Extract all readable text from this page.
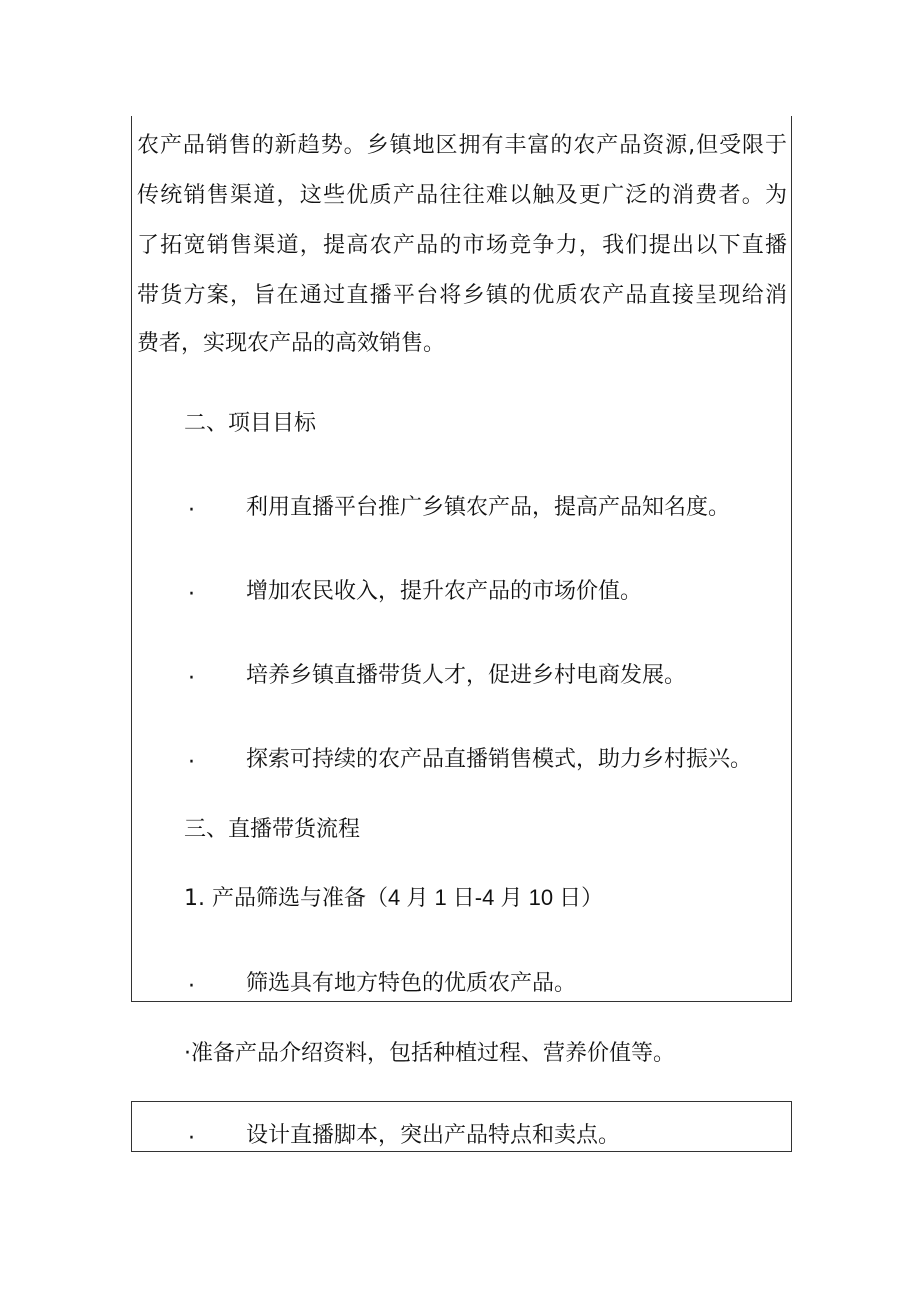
农产品销售的新趋势。乡镇地区拥有丰富的农产品资源,但受限于
传统销售渠道，这些优质产品往往难以触及更广泛的消费者。为
了拓宽销售渠道，提高农产品的市场竞争力，我们提出以下直播
带货方案，旨在通过直播平台将乡镇的优质农产品直接呈现给消
费者，实现农产品的高效销售。
二、项目目标
· 利用直播平台推广乡镇农产品，提高产品知名度。
· 增加农民收入，提升农产品的市场价值。
· 培养乡镇直播带货人才，促进乡村电商发展。
· 探索可持续的农产品直播销售模式，助力乡村振兴。
三、直播带货流程
1. 产品筛选与准备（4 月 1 日-4 月 10 日）
· 筛选具有地方特色的优质农产品。
·准备产品介绍资料，包括种植过程、营养价值等。
· 设计直播脚本，突出产品特点和卖点。
